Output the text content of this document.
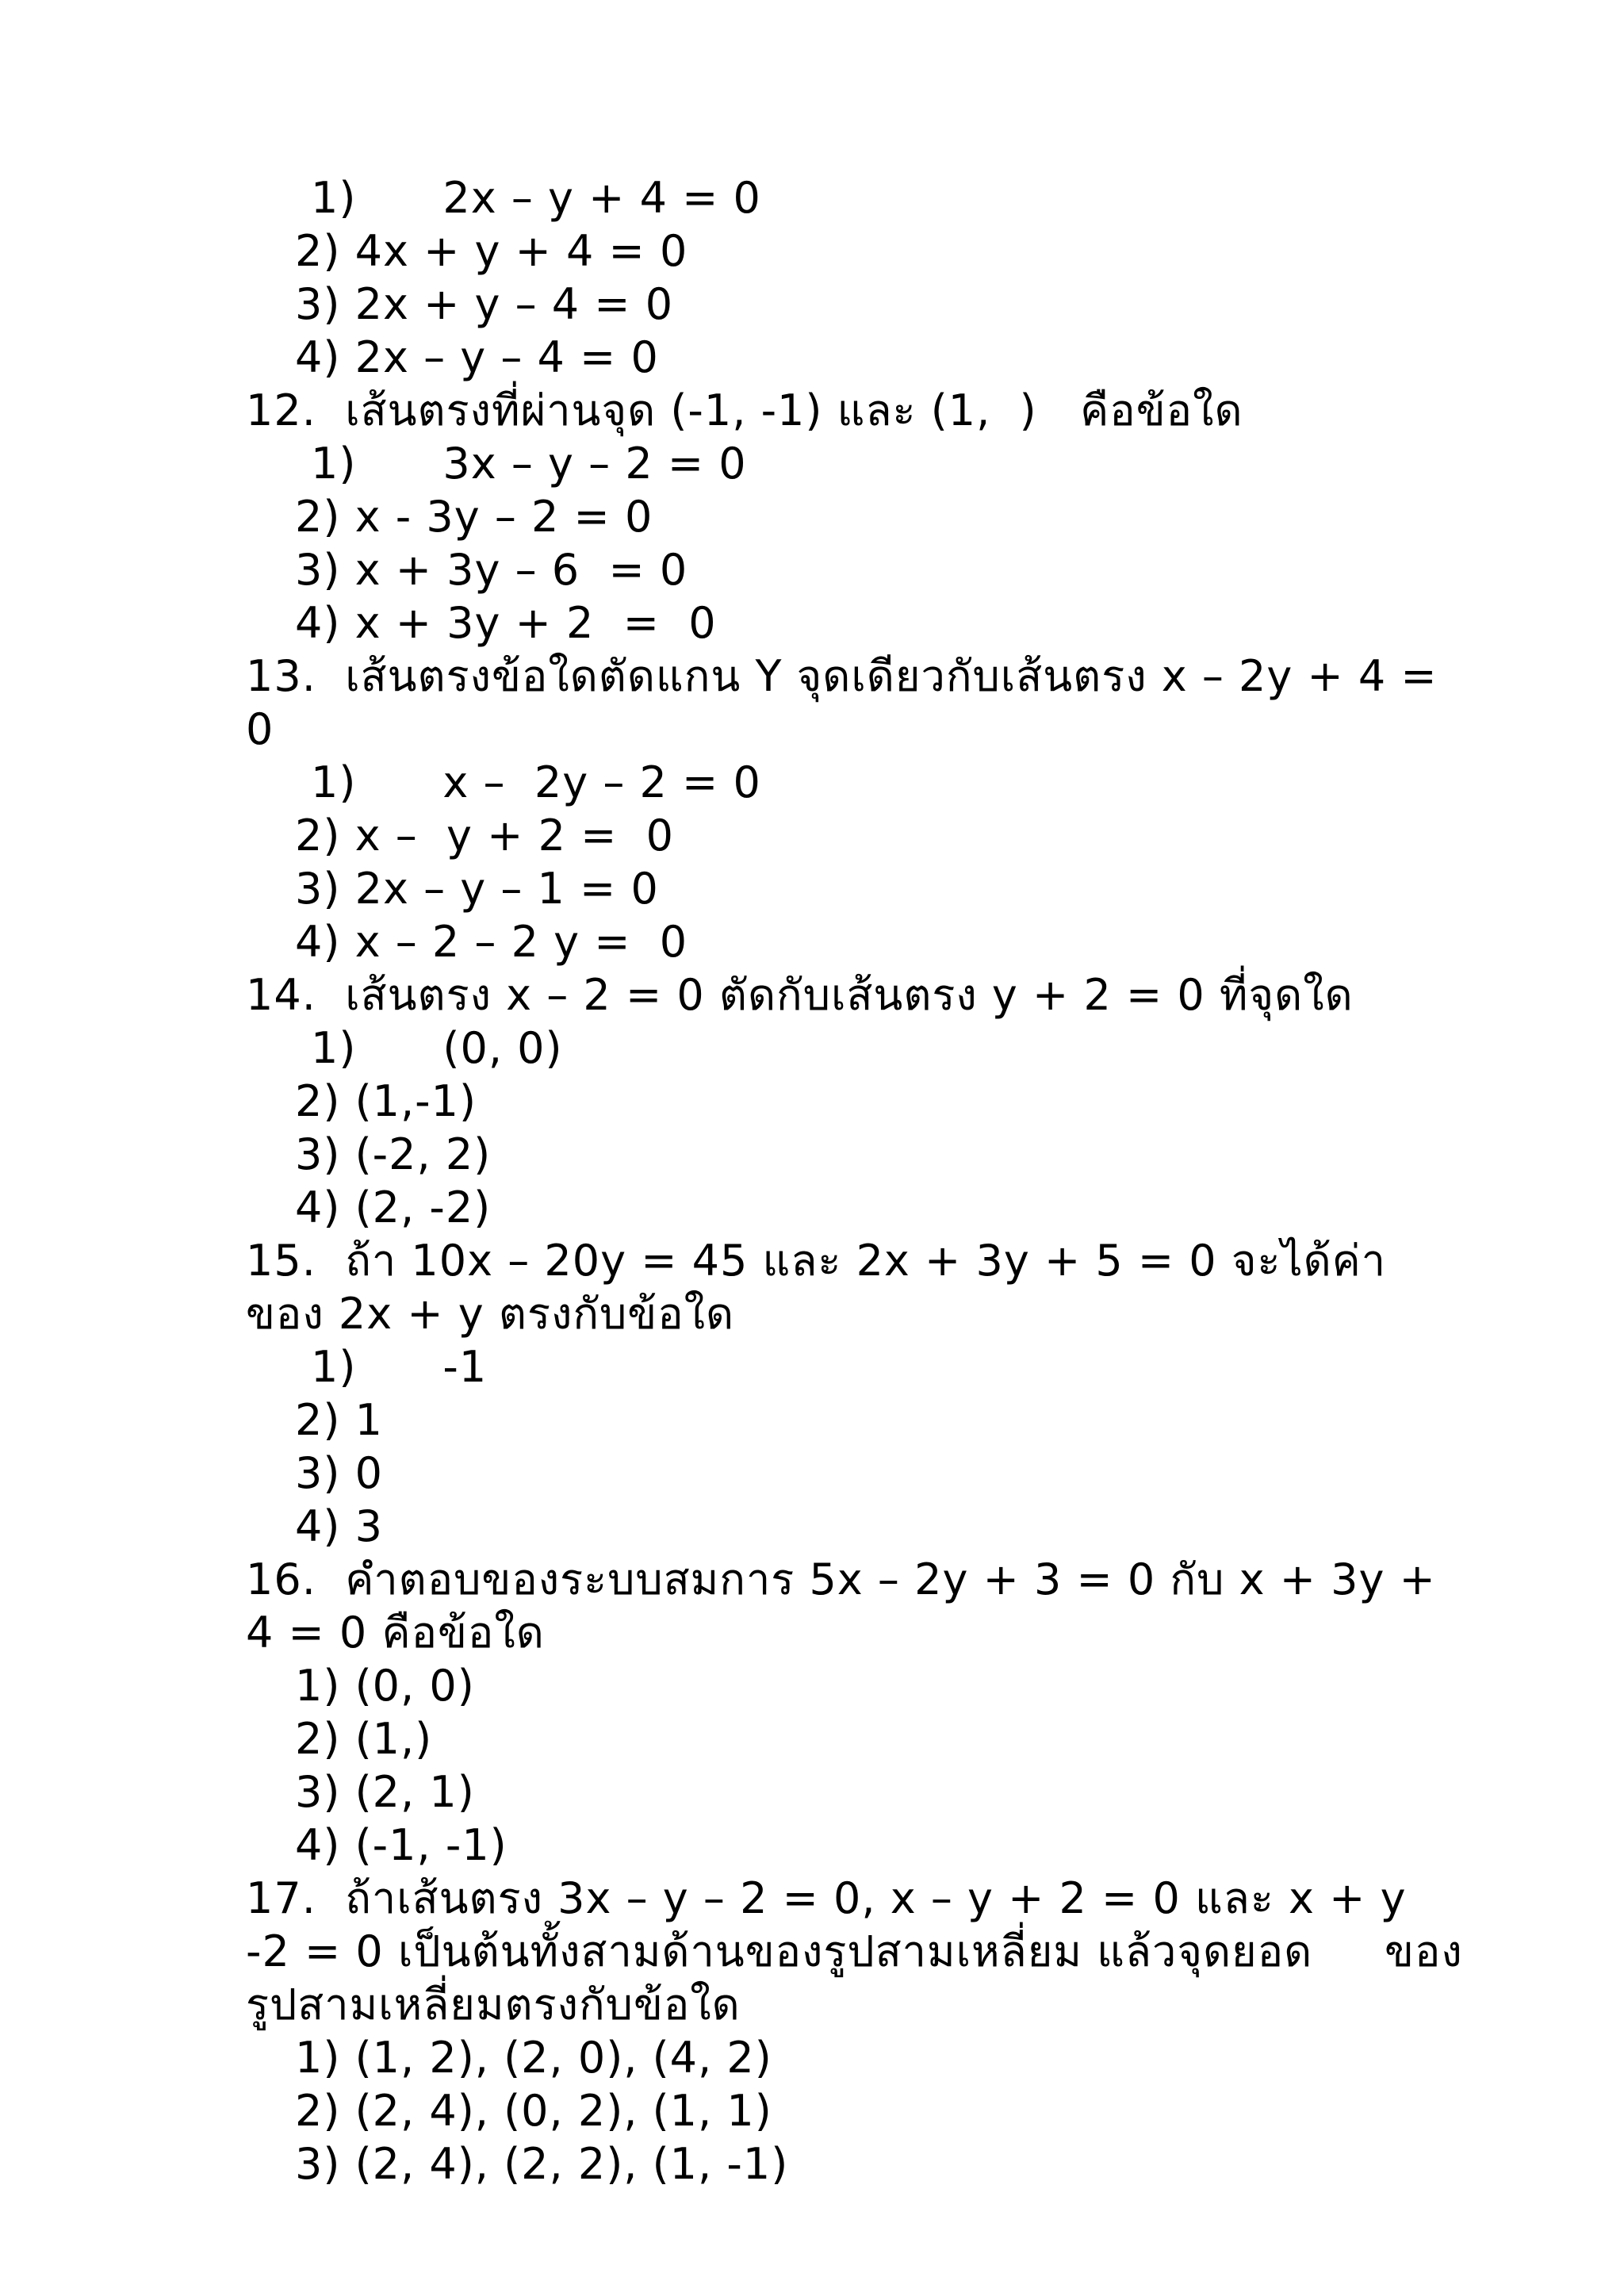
1)      2x – y + 4 = 0
2) 4x + y + 4 = 0
3) 2x + y – 4 = 0
4) 2x – y – 4 = 0
12.  เส้นตรงที่ผ่านจุด (-1, -1) และ (1,  )   คือข้อใด
1)      3x – y – 2 = 0
2) x - 3y – 2 = 0
3) x + 3y – 6  = 0
4) x + 3y + 2  =  0
13.  เส้นตรงข้อใดตัดแกน Y จุดเดียวกับเส้นตรง x – 2y + 4 =
0
1)      x –  2y – 2 = 0
2) x –  y + 2 =  0
3) 2x – y – 1 = 0
4) x – 2 – 2 y =  0
14.  เส้นตรง x – 2 = 0 ตัดกับเส้นตรง y + 2 = 0 ที่จุดใด
1)      (0, 0)
2) (1,-1)
3) (-2, 2)
4) (2, -2)
15.  ถ้า 10x – 20y = 45 และ 2x + 3y + 5 = 0 จะได้ค่า
ของ 2x + y ตรงกับข้อใด
1)      -1
2) 1
3) 0
4) 3
16.  คำตอบของระบบสมการ 5x – 2y + 3 = 0 กับ x + 3y +
4 = 0 คือข้อใด
1) (0, 0)
2) (1,)
3) (2, 1)
4) (-1, -1)
17.  ถ้าเส้นตรง 3x – y – 2 = 0, x – y + 2 = 0 และ x + y
-2 = 0 เป็นต้นทั้งสามด้านของรูปสามเหลี่ยม แล้วจุดยอด     ของ
รูปสามเหลี่ยมตรงกับข้อใด
1) (1, 2), (2, 0), (4, 2)
2) (2, 4), (0, 2), (1, 1)
3) (2, 4), (2, 2), (1, -1)
